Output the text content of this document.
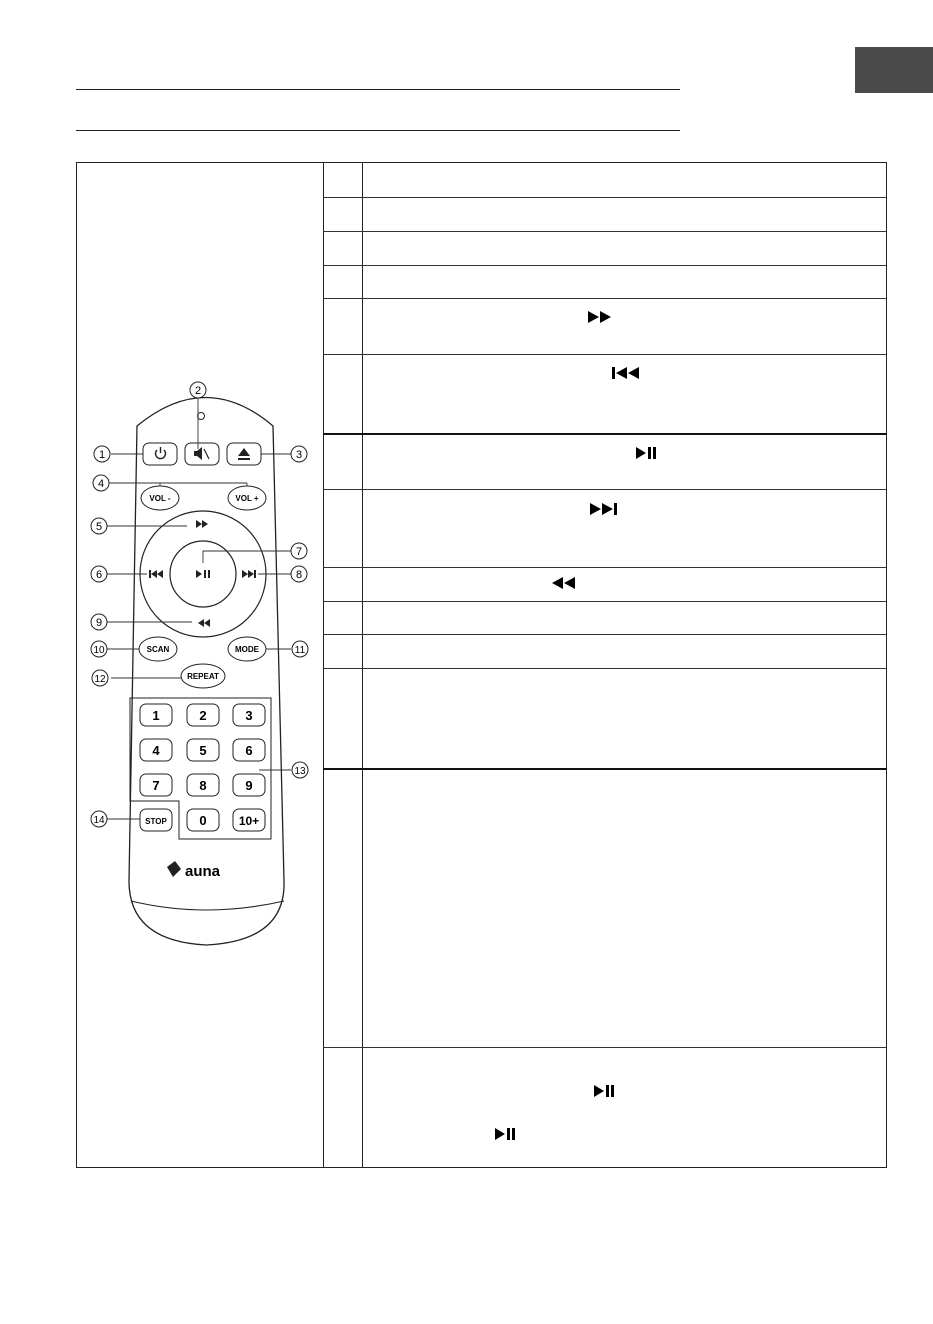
VOL -	VOL +
SCAN	MODE
REPEAT
1	2	3
4	5	6
7	8	9
0	10+
STOP
auna
1
2
3
4
5
6
7
8
9
10	11
12
13
14
